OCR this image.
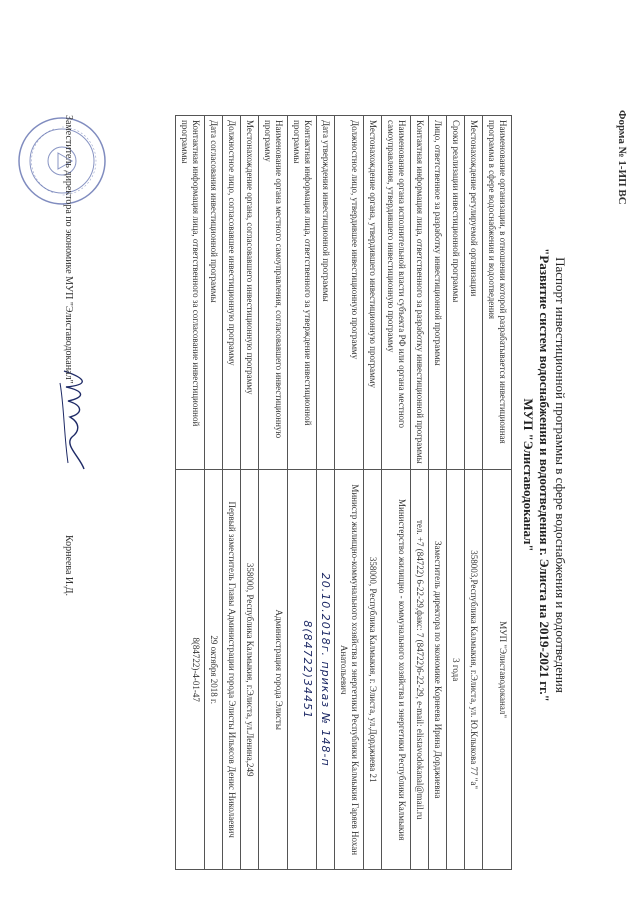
Форма № 1-ИП ВС
Паспорт инвестиционной программы в сфере водоснабжения и водоотведения
"Развитие систем водоснабжения и водоотведения г. Элиста на 2019-2021 гг."
МУП "Элиставодоканал"
Наименование организации, в отношении которой разрабатывается инвестиционная программа в сфере водоснабжения и водоотведения	МУП "Элиставодоканал"
Местонахождение регулируемой организации	358003,Республика Калмыкия, г.Элиста, ул. Ю.Клыкова 77 "а"
Сроки реализации инвестиционной программы	3 года
Лицо, ответственное за разработку инвестиционной программы	Заместитель директора по экономике Корнеева Ирина Дорджиевна
Контактная информация лица, ответственного за разработку инвестиционной программы	тел. +7 (84722) 6-22-29,факс: 7 (84722)6-22-29, e-mail: elistavodokanal@mail.ru
Наименование органа исполнительной власти субъекта РФ или органа местного самоуправления, утвердившего инвестиционную программу	Министерство жилищно - коммунального хозяйства и энергетики Республики Калмыкия
Местонахождение органа, утвердившего инвестиционную программу	358000, Республика Калмыкия, г. Элиста, ул.Дорджиева 21
Должностное лицо, утвердившее инвестиционную программу	Министр жилищно-коммунального хозяйства и энергетики Республики Калмыкия Гаряев Нохан Анатольевич
Дата утверждения инвестиционной программы	20.10.2018г. приказ № 148-п
Контактная информация лица, ответственного за утверждение инвестиционной программы	8(84722)34451
Наименование органа местного самоуправления, согласовавшего инвестиционную программу	Администрация города Элисты
Местонахождение органа, согласовавшего инвестиционную программу	358000, Республика Калмыкия, г.Элиста, ул.Ленина,249
Должностное лицо, согласовавшее инвестиционную программу	Первый заместитель Главы Администрации города Элисты Ильясов Денис Николаевич
Дата согласования инвестиционной программы	29 октября 2018 г.
Контактная информация лица, ответственного за согласование инвестиционной программы	8(84722)-4-01-47
Заместитель директора по экономике МУП "Элиставодоканал"
Корнеева И.Д.
